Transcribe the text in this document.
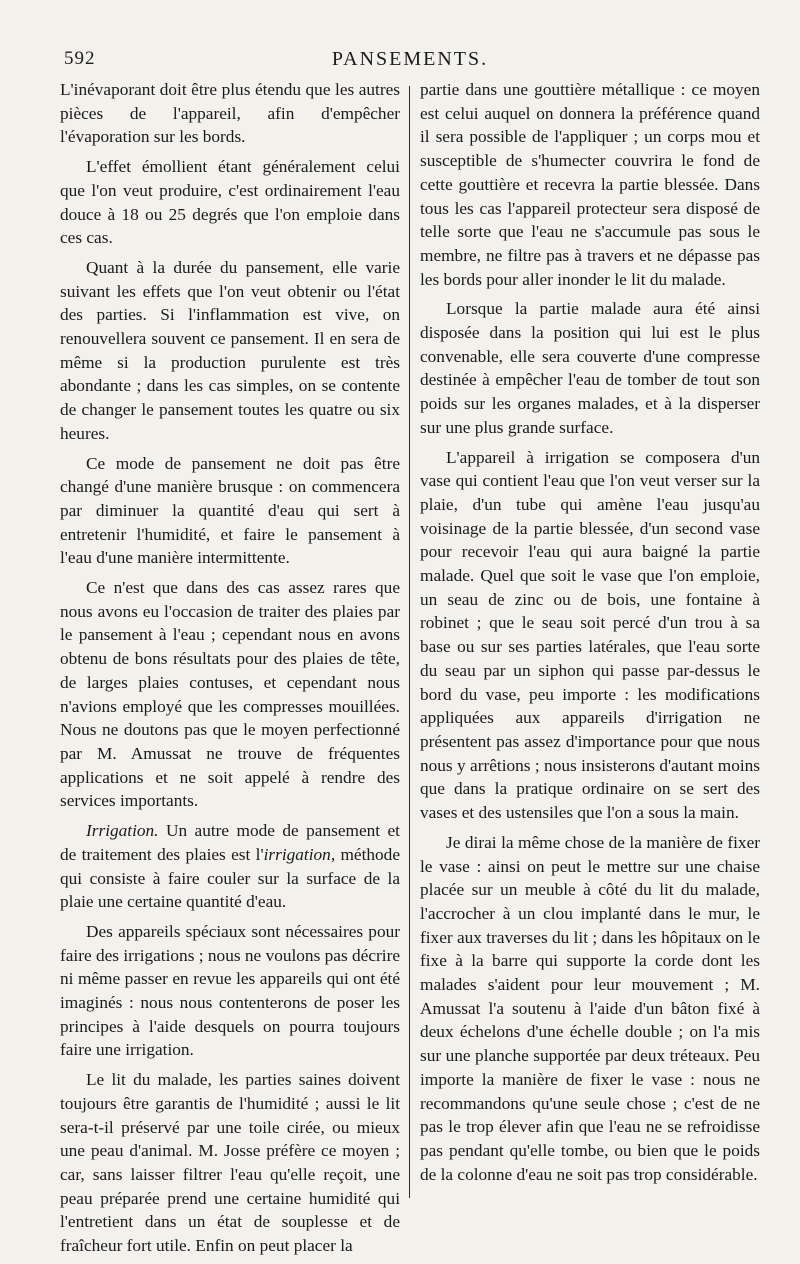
592	PANSEMENTS.

L'inévaporant doit être plus étendu que les autres pièces de l'appareil, afin d'empêcher l'évaporation sur les bords.

L'effet émollient étant généralement celui que l'on veut produire, c'est ordinairement l'eau douce à 18 ou 25 degrés que l'on emploie dans ces cas.

Quant à la durée du pansement, elle varie suivant les effets que l'on veut obtenir ou l'état des parties. Si l'inflammation est vive, on renouvellera souvent ce pansement. Il en sera de même si la production purulente est très abondante ; dans les cas simples, on se contente de changer le pansement toutes les quatre ou six heures.

Ce mode de pansement ne doit pas être changé d'une manière brusque : on commencera par diminuer la quantité d'eau qui sert à entretenir l'humidité, et faire le pansement à l'eau d'une manière intermittente.

Ce n'est que dans des cas assez rares que nous avons eu l'occasion de traiter des plaies par le pansement à l'eau ; cependant nous en avons obtenu de bons résultats pour des plaies de tête, de larges plaies contuses, et cependant nous n'avions employé que les compresses mouillées. Nous ne doutons pas que le moyen perfectionné par M. Amussat ne trouve de fréquentes applications et ne soit appelé à rendre des services importants.

Irrigation. Un autre mode de pansement et de traitement des plaies est l'irrigation, méthode qui consiste à faire couler sur la surface de la plaie une certaine quantité d'eau.

Des appareils spéciaux sont nécessaires pour faire des irrigations ; nous ne voulons pas décrire ni même passer en revue les appareils qui ont été imaginés : nous nous contenterons de poser les principes à l'aide desquels on pourra toujours faire une irrigation.

Le lit du malade, les parties saines doivent toujours être garantis de l'humidité ; aussi le lit sera-t-il préservé par une toile cirée, ou mieux une peau d'animal. M. Josse préfère ce moyen ; car, sans laisser filtrer l'eau qu'elle reçoit, une peau préparée prend une certaine humidité qui l'entretient dans un état de souplesse et de fraîcheur fort utile. Enfin on peut placer la

partie dans une gouttière métallique : ce moyen est celui auquel on donnera la préférence quand il sera possible de l'appliquer ; un corps mou et susceptible de s'humecter couvrira le fond de cette gouttière et recevra la partie blessée. Dans tous les cas l'appareil protecteur sera disposé de telle sorte que l'eau ne s'accumule pas sous le membre, ne filtre pas à travers et ne dépasse pas les bords pour aller inonder le lit du malade.

Lorsque la partie malade aura été ainsi disposée dans la position qui lui est le plus convenable, elle sera couverte d'une compresse destinée à empêcher l'eau de tomber de tout son poids sur les organes malades, et à la disperser sur une plus grande surface.

L'appareil à irrigation se composera d'un vase qui contient l'eau que l'on veut verser sur la plaie, d'un tube qui amène l'eau jusqu'au voisinage de la partie blessée, d'un second vase pour recevoir l'eau qui aura baigné la partie malade. Quel que soit le vase que l'on emploie, un seau de zinc ou de bois, une fontaine à robinet ; que le seau soit percé d'un trou à sa base ou sur ses parties latérales, que l'eau sorte du seau par un siphon qui passe par-dessus le bord du vase, peu importe : les modifications appliquées aux appareils d'irrigation ne présentent pas assez d'importance pour que nous nous y arrêtions ; nous insisterons d'autant moins que dans la pratique ordinaire on se sert des vases et des ustensiles que l'on a sous la main.

Je dirai la même chose de la manière de fixer le vase : ainsi on peut le mettre sur une chaise placée sur un meuble à côté du lit du malade, l'accrocher à un clou implanté dans le mur, le fixer aux traverses du lit ; dans les hôpitaux on le fixe à la barre qui supporte la corde dont les malades s'aident pour leur mouvement ; M. Amussat l'a soutenu à l'aide d'un bâton fixé à deux échelons d'une échelle double ; on l'a mis sur une planche supportée par deux tréteaux. Peu importe la manière de fixer le vase : nous ne recommandons qu'une seule chose ; c'est de ne pas le trop élever afin que l'eau ne se refroidisse pas pendant qu'elle tombe, ou bien que le poids de la colonne d'eau ne soit pas trop considérable.
